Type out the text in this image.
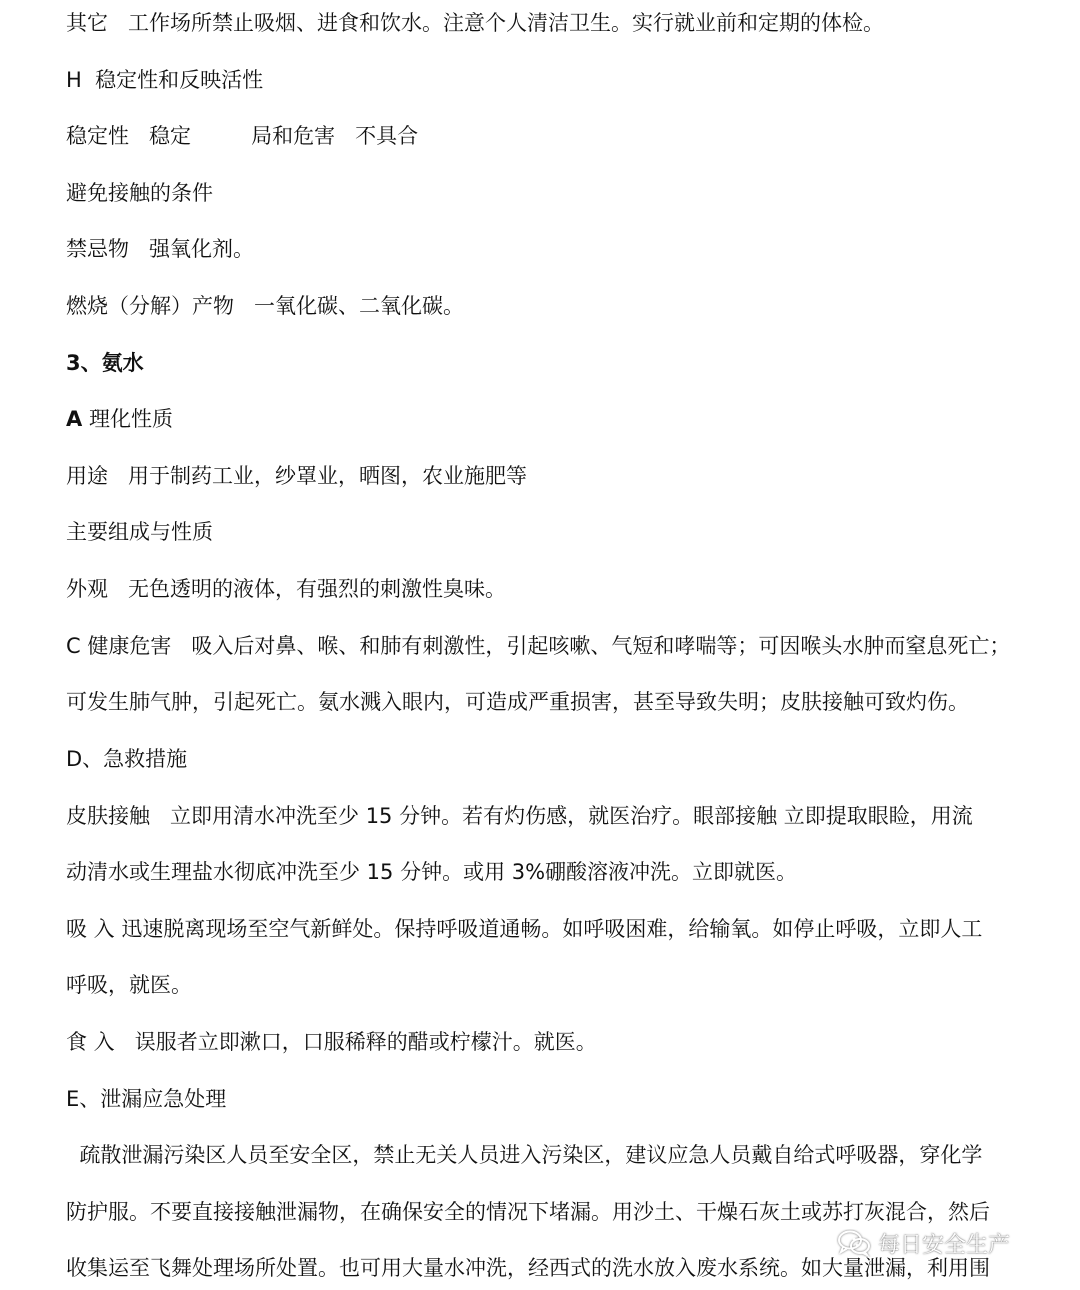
其它   工作场所禁止吸烟、进食和饮水。注意个人清洁卫生。实行就业前和定期的体检。
H  稳定性和反映活性
稳定性   稳定         局和危害   不具合
避免接触的条件
禁忌物   强氧化剂。
燃烧（分解）产物   一氧化碳、二氧化碳。
3、氨水
A 理化性质
用途   用于制药工业，纱罩业，晒图，农业施肥等
主要组成与性质
外观   无色透明的液体，有强烈的刺激性臭味。
C 健康危害   吸入后对鼻、喉、和肺有刺激性，引起咳嗽、气短和哮喘等；可因喉头水肿而窒息死亡；
可发生肺气肿，引起死亡。氨水溅入眼内，可造成严重损害，甚至导致失明；皮肤接触可致灼伤。
D、急救措施
皮肤接触   立即用清水冲洗至少 15 分钟。若有灼伤感，就医治疗。眼部接触 立即提取眼睑，用流
动清水或生理盐水彻底冲洗至少 15 分钟。或用 3%硼酸溶液冲洗。立即就医。
吸 入 迅速脱离现场至空气新鲜处。保持呼吸道通畅。如呼吸困难，给输氧。如停止呼吸，立即人工
呼吸，就医。
食 入   误服者立即漱口，口服稀释的醋或柠檬汁。就医。
E、泄漏应急处理
疏散泄漏污染区人员至安全区，禁止无关人员进入污染区，建议应急人员戴自给式呼吸器，穿化学
防护服。不要直接接触泄漏物，在确保安全的情况下堵漏。用沙土、干燥石灰土或苏打灰混合，然后
收集运至飞舞处理场所处置。也可用大量水冲洗，经西式的洗水放入废水系统。如大量泄漏，利用围
每日安全生产
